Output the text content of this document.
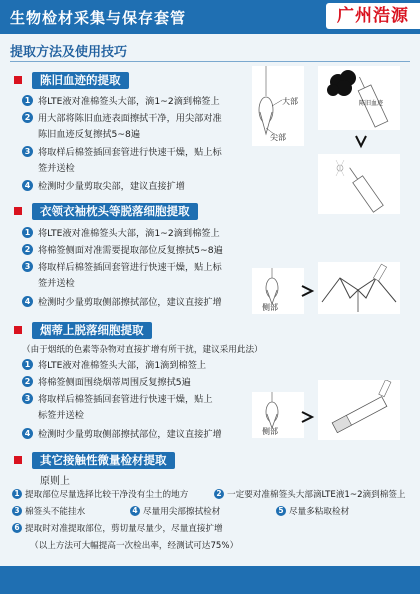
生物检材采集与保存套管	广州浩源
提取方法及使用技巧
陈旧血迹的提取
1 将LTE液对准棉签头大部，滴1~2滴到棉签上
2 用大部将陈旧血迹表面擦拭干净，用尖部对准
陈旧血迹反复擦拭5~8遍
3 将取样后棉签插回套管进行快速干燥，贴上标
签并送检
4 检测时少量剪取尖部，建议直接扩增
大部
尖部
陈旧血迹
衣领衣袖枕头等脱落细胞提取
1 将LTE液对准棉签头大部，滴1~2滴到棉签上
2 将棉签侧面对准需要提取部位反复擦拭5~8遍
3 将取样后棉签插回套管进行快速干燥，贴上标
签并送检
4 检测时少量剪取侧部擦拭部位，建议直接扩增	侧部
烟蒂上脱落细胞提取
（由于烟纸的色素等杂物对直接扩增有所干扰，建议采用此法）
1 将LTE液对准棉签头大部，滴1滴到棉签上
2 将棉签侧面围绕烟蒂周围反复擦拭5遍
3 将取样后棉签插回套管进行快速干燥，贴上
标签并送检
4 检测时少量剪取侧部擦拭部位，建议直接扩增	侧部
其它接触性微量检材提取
原则上
1 提取部位尽量选择比较干净没有尘土的地方	2 一定要对准棉签头大部滴LTE液1~2滴到棉签上
3 棉签头不能挂水	4 尽量用尖部擦拭检材	5 尽量多粘取检材
6 提取时对准提取部位，剪切量尽量少，尽量直接扩增
（以上方法可大幅提高一次检出率，经测试可达75%）
